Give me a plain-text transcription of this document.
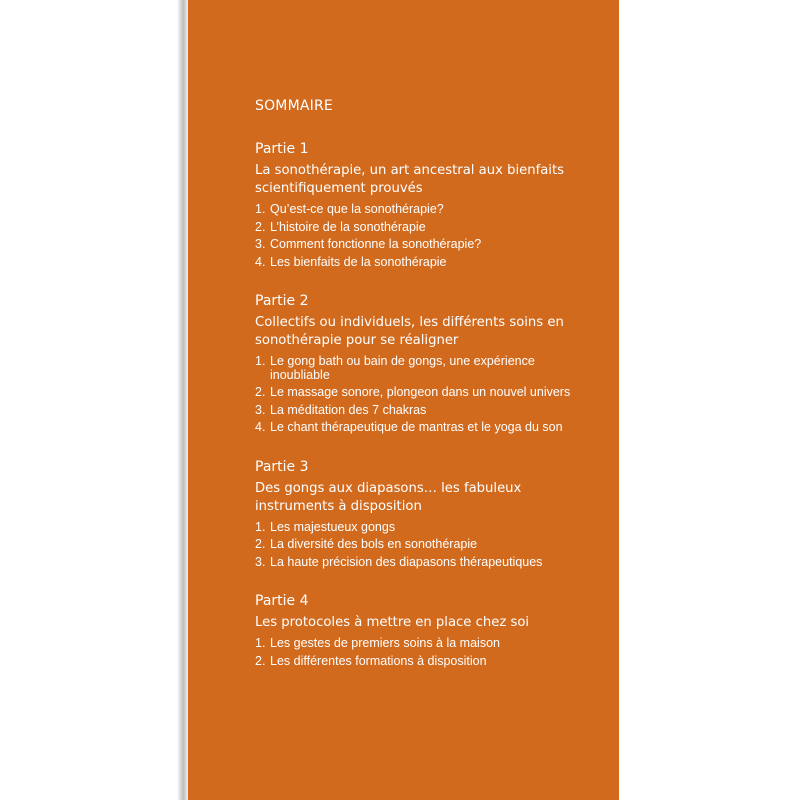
SOMMAIRE
Partie 1
La sonothérapie, un art ancestral aux bienfaits scientifiquement prouvés
1. Qu’est-ce que la sonothérapie?
2. L’histoire de la sonothérapie
3. Comment fonctionne la sonothérapie?
4. Les bienfaits de la sonothérapie
Partie 2
Collectifs ou individuels, les différents soins en sonothérapie pour se réaligner
1. Le gong bath ou bain de gongs, une expérience inoubliable
2. Le massage sonore, plongeon dans un nouvel univers
3. La méditation des 7 chakras
4. Le chant thérapeutique de mantras et le yoga du son
Partie 3
Des gongs aux diapasons… les fabuleux instruments à disposition
1. Les majestueux gongs
2. La diversité des bols en sonothérapie
3. La haute précision des diapasons thérapeutiques
Partie 4
Les protocoles à mettre en place chez soi
1. Les gestes de premiers soins à la maison
2. Les différentes formations à disposition
